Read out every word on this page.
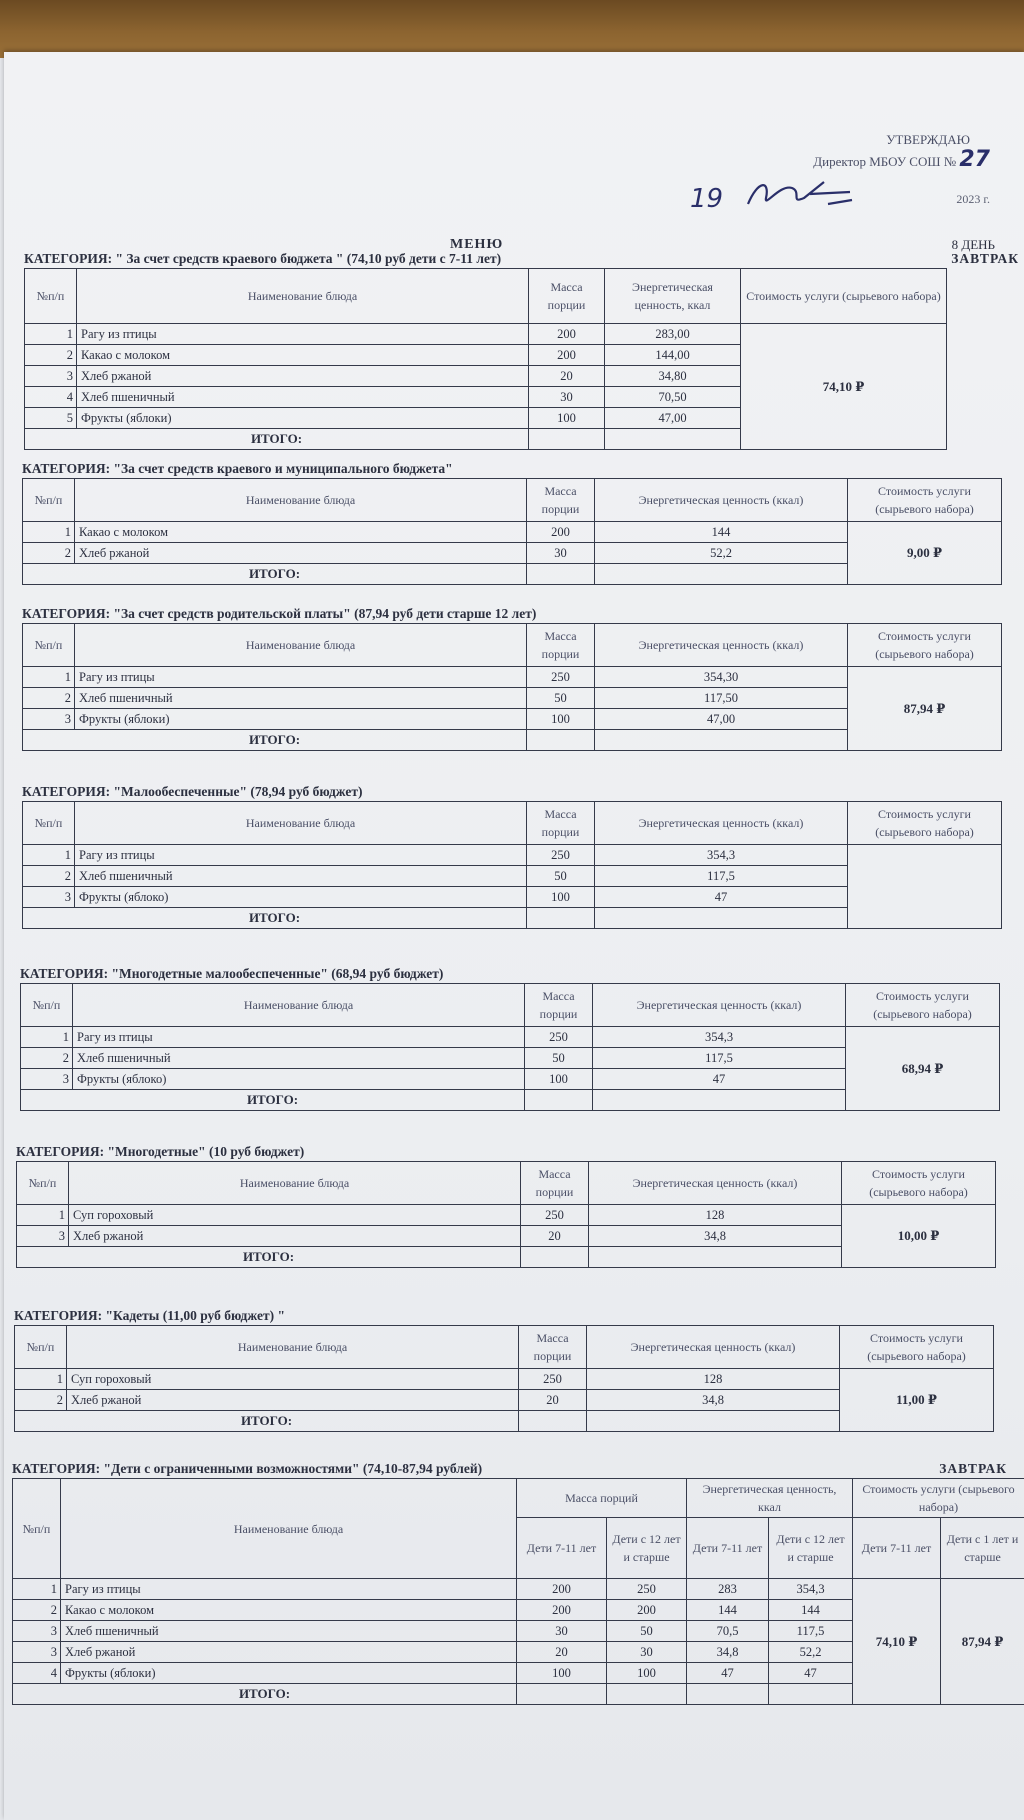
УТВЕРЖДАЮ
Директор МБОУ СОШ № 27
19	2023 г.
МЕНЮ	8 ДЕНЬ
КАТЕГОРИЯ: " За счет средств краевого бюджета " (74,10 руб дети с 7-11 лет)	ЗАВТРАК
№п/п	Наименование блюда	Масса порции	Энергетическая ценность, ккал	Стоимость услуги (сырьевого набора)
1	Рагу из птицы	200	283,00	74,10 ₽
2	Какао с молоком	200	144,00	
3	Хлеб ржаной	20	34,80	
4	Хлеб пшеничный	30	70,50	
5	Фрукты (яблоки)	100	47,00	
ИТОГО:				
КАТЕГОРИЯ: "За счет средств краевого и муниципального бюджета"
№п/п	Наименование блюда	Масса порции	Энергетическая ценность (ккал)	Стоимость услуги (сырьевого набора)
1	Какао с молоком	200	144	9,00 ₽
2	Хлеб ржаной	30	52,2	
ИТОГО:				
КАТЕГОРИЯ: "За счет средств родительской платы" (87,94 руб дети старше 12 лет)
№п/п	Наименование блюда	Масса порции	Энергетическая ценность (ккал)	Стоимость услуги (сырьевого набора)
1	Рагу из птицы	250	354,30	87,94 ₽
2	Хлеб пшеничный	50	117,50	
3	Фрукты (яблоки)	100	47,00	
ИТОГО:				
КАТЕГОРИЯ: "Малообеспеченные" (78,94 руб бюджет)
№п/п	Наименование блюда	Масса порции	Энергетическая ценность (ккал)	Стоимость услуги (сырьевого набора)
1	Рагу из птицы	250	354,3	
2	Хлеб пшеничный	50	117,5	
3	Фрукты (яблоко)	100	47	
ИТОГО:				
КАТЕГОРИЯ: "Многодетные малообеспеченные" (68,94 руб бюджет)
№п/п	Наименование блюда	Масса порции	Энергетическая ценность (ккал)	Стоимость услуги (сырьевого набора)
1	Рагу из птицы	250	354,3	68,94 ₽
2	Хлеб пшеничный	50	117,5	
3	Фрукты (яблоко)	100	47	
ИТОГО:				
КАТЕГОРИЯ: "Многодетные" (10 руб бюджет)
№п/п	Наименование блюда	Масса порции	Энергетическая ценность (ккал)	Стоимость услуги (сырьевого набора)
1	Суп гороховый	250	128	10,00 ₽
3	Хлеб ржаной	20	34,8	
ИТОГО:				
КАТЕГОРИЯ: "Кадеты (11,00 руб бюджет) "
№п/п	Наименование блюда	Масса порции	Энергетическая ценность (ккал)	Стоимость услуги (сырьевого набора)
1	Суп гороховый	250	128	11,00 ₽
2	Хлеб ржаной	20	34,8	
ИТОГО:				
КАТЕГОРИЯ: "Дети с ограниченными возможностями" (74,10-87,94 рублей)	ЗАВТРАК
№п/п	Наименование блюда	Масса порций		Энергетическая ценность, ккал		Стоимость услуги (сырьевого набора)	
		Дети 7-11 лет	Дети с 12 лет и старше	Дети 7-11 лет	Дети с 12 лет и старше	Дети 7-11 лет	Дети с 1 лет и старше
1	Рагу из птицы	200	250	283	354,3	74,10 ₽	87,94 ₽
2	Какао с молоком	200	200	144	144		
3	Хлеб пшеничный	30	50	70,5	117,5		
3	Хлеб ржаной	20	30	34,8	52,2		
4	Фрукты (яблоки)	100	100	47	47		
ИТОГО:							
